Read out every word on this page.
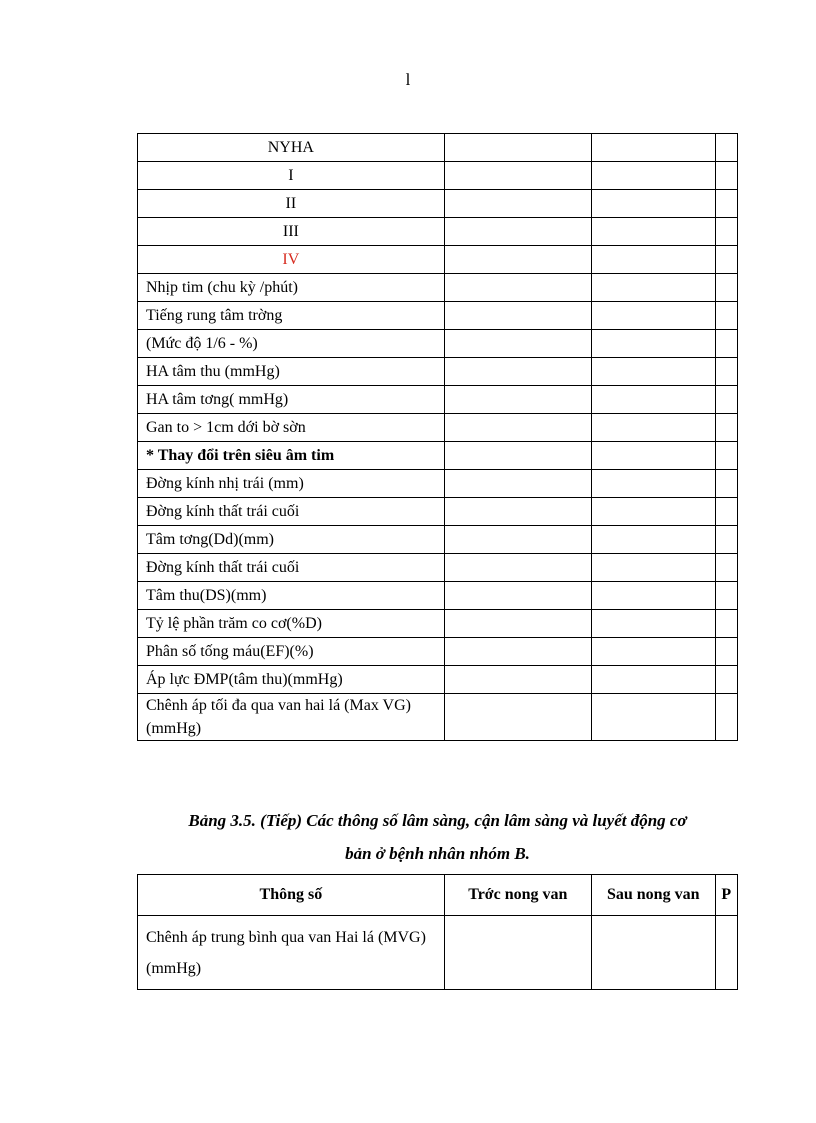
l
NYHA			
I			
II			
III			
IV			
Nhịp tim (chu kỳ /phút)			
Tiếng rung tâm trờng			
(Mức độ 1/6 - %)			
HA tâm thu (mmHg)			
HA tâm tơng( mmHg)			
Gan to > 1cm dới bờ sờn			
* Thay đổi trên siêu âm tim			
Đờng kính nhị trái (mm)			
Đờng kính thất trái cuối			
Tâm tơng(Dd)(mm)			
Đờng kính thất trái cuối			
Tâm thu(DS)(mm)			
Tỷ lệ phần trăm co cơ(%D)			
Phân số tống máu(EF)(%)			
Áp lực ĐMP(tâm thu)(mmHg)			
Chênh áp tối đa qua van hai lá (Max VG) (mmHg)			
Bảng 3.5. (Tiếp) Các thông số lâm sàng, cận lâm sàng và luyết động cơ
bản ở bệnh nhân nhóm B.
Thông số	Trớc nong van	Sau nong van	P
Chênh áp trung bình qua van Hai lá (MVG)(mmHg)			
